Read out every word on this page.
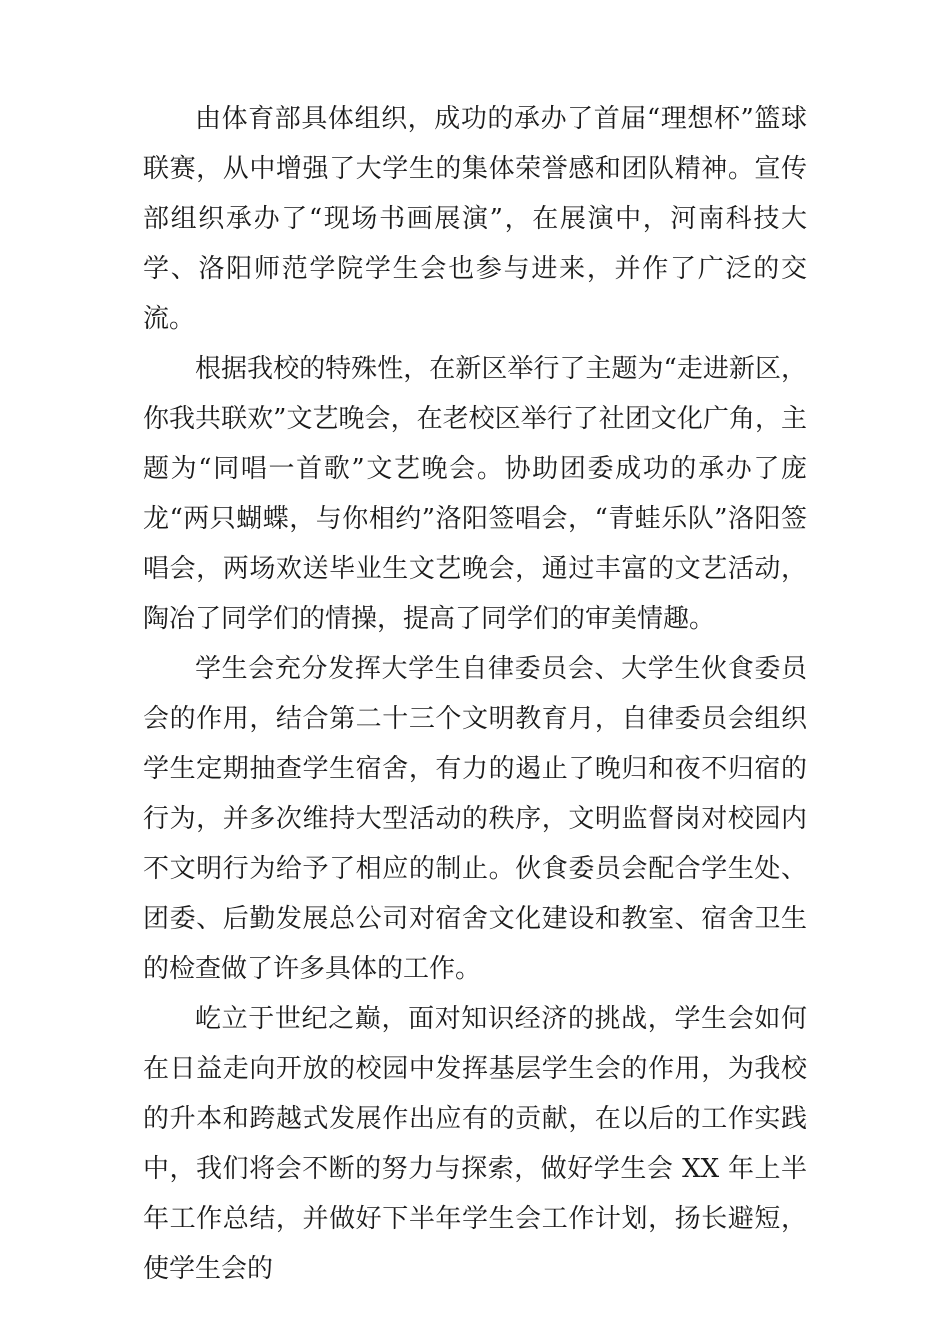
由体育部具体组织，成功的承办了首届“理想杯”篮球联赛，从中增强了大学生的集体荣誉感和团队精神。宣传部组织承办了“现场书画展演”，在展演中，河南科技大学、洛阳师范学院学生会也参与进来，并作了广泛的交流。

根据我校的特殊性，在新区举行了主题为“走进新区，你我共联欢”文艺晚会，在老校区举行了社团文化广角，主题为“同唱一首歌”文艺晚会。协助团委成功的承办了庞龙“两只蝴蝶，与你相约”洛阳签唱会，“青蛙乐队”洛阳签唱会，两场欢送毕业生文艺晚会，通过丰富的文艺活动，陶冶了同学们的情操，提高了同学们的审美情趣。

学生会充分发挥大学生自律委员会、大学生伙食委员会的作用，结合第二十三个文明教育月，自律委员会组织学生定期抽查学生宿舍，有力的遏止了晚归和夜不归宿的行为，并多次维持大型活动的秩序，文明监督岗对校园内不文明行为给予了相应的制止。伙食委员会配合学生处、团委、后勤发展总公司对宿舍文化建设和教室、宿舍卫生的检查做了许多具体的工作。

屹立于世纪之巅，面对知识经济的挑战，学生会如何在日益走向开放的校园中发挥基层学生会的作用，为我校的升本和跨越式发展作出应有的贡献，在以后的工作实践中，我们将会不断的努力与探索，做好学生会 XX 年上半年工作总结，并做好下半年学生会工作计划，扬长避短，使学生会的
